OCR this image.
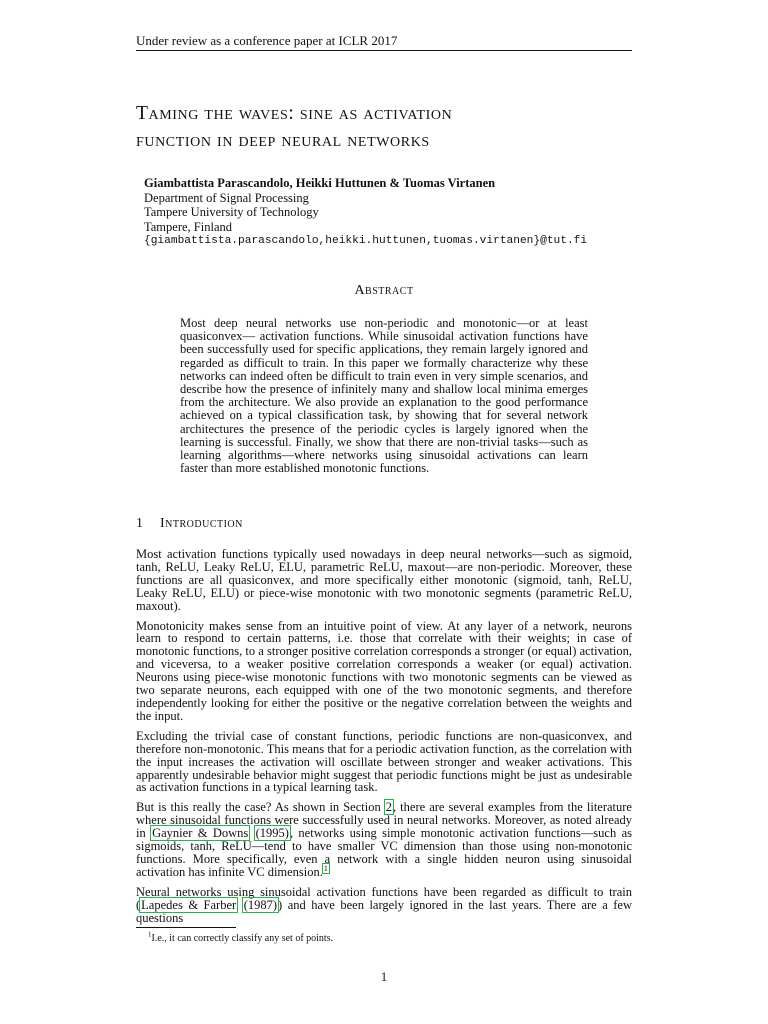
Under review as a conference paper at ICLR 2017
Taming the waves: sine as activation
function in deep neural networks
Giambattista Parascandolo, Heikki Huttunen & Tuomas Virtanen
Department of Signal Processing
Tampere University of Technology
Tampere, Finland
{giambattista.parascandolo,heikki.huttunen,tuomas.virtanen}@tut.fi
Abstract
Most deep neural networks use non-periodic and monotonic—or at least quasiconvex— activation functions. While sinusoidal activation functions have been successfully used for specific applications, they remain largely ignored and regarded as difficult to train. In this paper we formally characterize why these networks can indeed often be difficult to train even in very simple scenarios, and describe how the presence of infinitely many and shallow local minima emerges from the architecture. We also provide an explanation to the good performance achieved on a typical classification task, by showing that for several network architectures the presence of the periodic cycles is largely ignored when the learning is successful. Finally, we show that there are non-trivial tasks—such as learning algorithms—where networks using sinusoidal activations can learn faster than more established monotonic functions.
1 Introduction

Most activation functions typically used nowadays in deep neural networks—such as sigmoid, tanh, ReLU, Leaky ReLU, ELU, parametric ReLU, maxout—are non-periodic. Moreover, these functions are all quasiconvex, and more specifically either monotonic (sigmoid, tanh, ReLU, Leaky ReLU, ELU) or piece-wise monotonic with two monotonic segments (parametric ReLU, maxout).

Monotonicity makes sense from an intuitive point of view. At any layer of a network, neurons learn to respond to certain patterns, i.e. those that correlate with their weights; in case of monotonic functions, to a stronger positive correlation corresponds a stronger (or equal) activation, and viceversa, to a weaker positive correlation corresponds a weaker (or equal) activation. Neurons using piece-wise monotonic functions with two monotonic segments can be viewed as two separate neurons, each equipped with one of the two monotonic segments, and therefore independently looking for either the positive or the negative correlation between the weights and the input.

Excluding the trivial case of constant functions, periodic functions are non-quasiconvex, and therefore non-monotonic. This means that for a periodic activation function, as the correlation with the input increases the activation will oscillate between stronger and weaker activations. This apparently undesirable behavior might suggest that periodic functions might be just as undesirable as activation functions in a typical learning task.

But is this really the case? As shown in Section 2, there are several examples from the literature where sinusoidal functions were successfully used in neural networks. Moreover, as noted already in Gaynier & Downs (1995), networks using simple monotonic activation functions—such as sigmoids, tanh, ReLU—tend to have smaller VC dimension than those using non-monotonic functions. More specifically, even a network with a single hidden neuron using sinusoidal activation has infinite VC dimension.$^1$

Neural networks using sinusoidal activation functions have been regarded as difficult to train (Lapedes & Farber (1987)) and have been largely ignored in the last years. There are a few questions

$^1$I.e., it can correctly classify any set of points.
1
